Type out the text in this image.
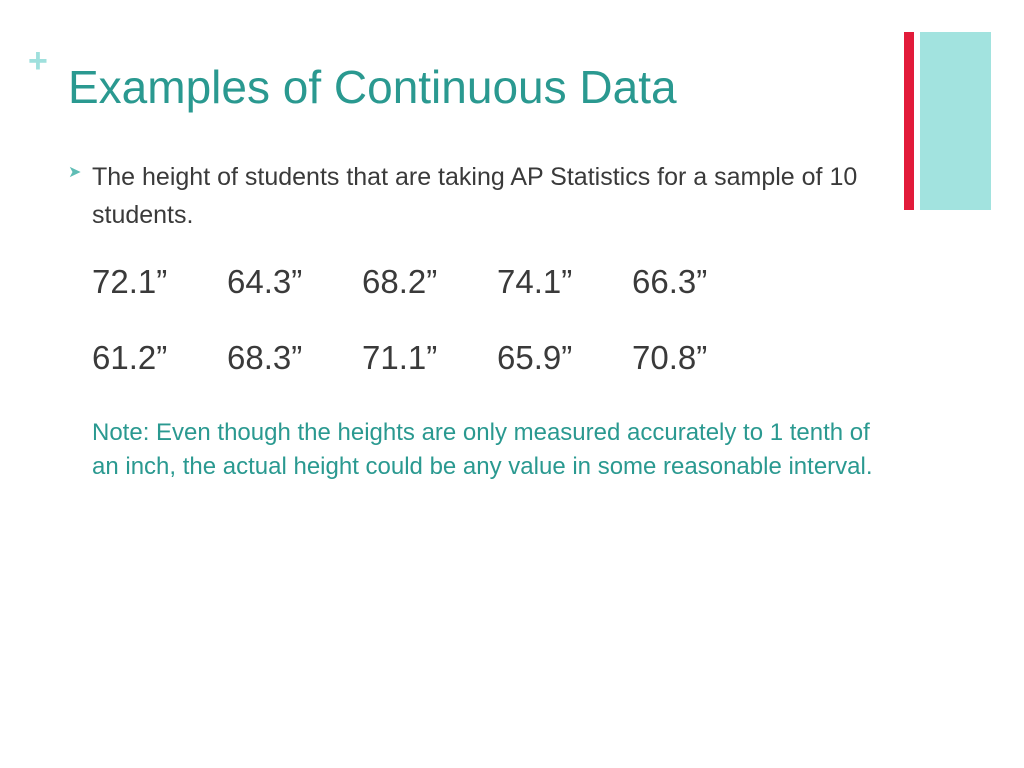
+ Examples of Continuous Data
➤ The height of students that are taking AP Statistics for a sample of 10 students.

72.1”	64.3”	68.2”	74.1”	66.3”
61.2”	68.3”	71.1”	65.9”	70.8”

Note: Even though the heights are only measured accurately to 1 tenth of an inch, the actual height could be any value in some reasonable interval.
